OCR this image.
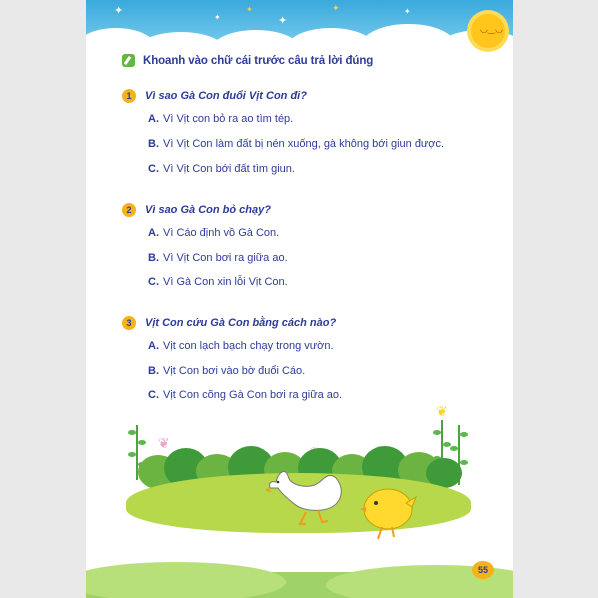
✦
✦
✦
✦
✦	✦
◡‿◡
Khoanh vào chữ cái trước câu trả lời đúng
1	Vì sao Gà Con đuổi Vịt Con đi?
A. Vì Vịt con bỏ ra ao tìm tép.
B. Vì Vịt Con làm đất bị nén xuống, gà không bới giun được.
C. Vì Vịt Con bới đất tìm giun.
2	Vì sao Gà Con bỏ chạy?
A. Vì Cáo định vồ Gà Con.
B. Vì Vịt Con bơi ra giữa ao.
C. Vì Gà Con xin lỗi Vịt Con.
3	Vịt Con cứu Gà Con bằng cách nào?
A. Vịt con lạch bạch chạy trong vườn.
B. Vịt Con bơi vào bờ đuổi Cáo.
C. Vịt Con cõng Gà Con bơi ra giữa ao.
❦
❦
55
